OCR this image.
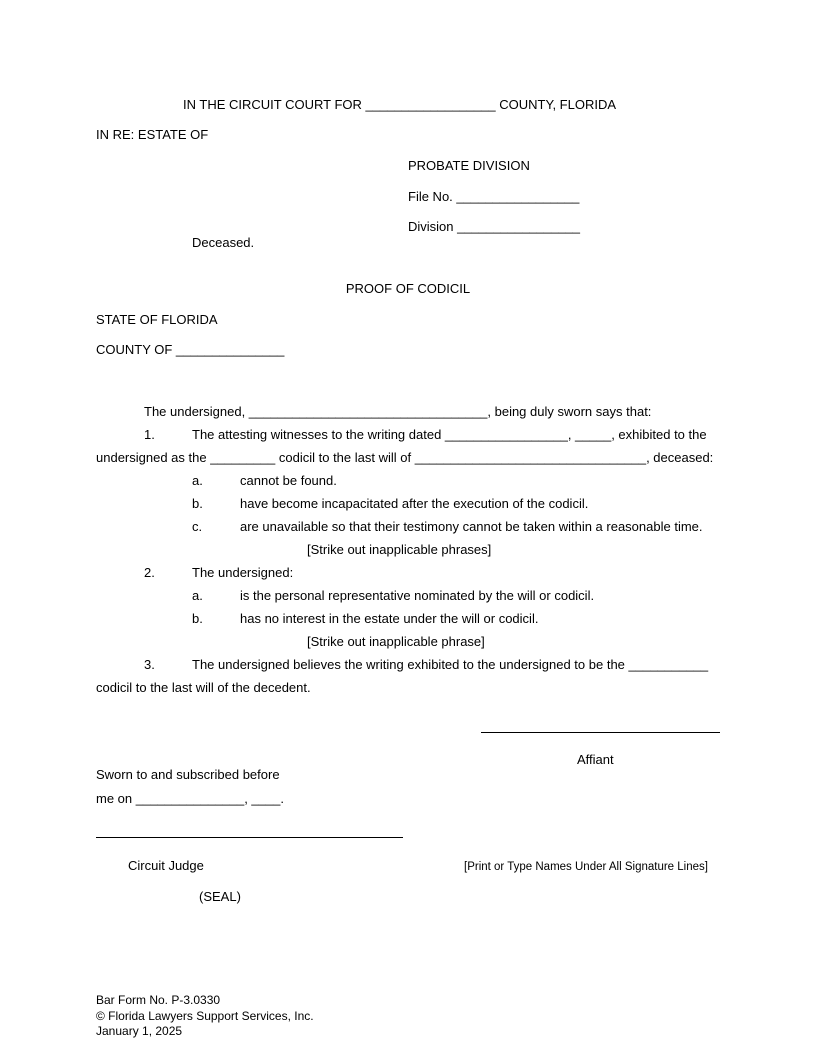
IN THE CIRCUIT COURT FOR __________________ COUNTY, FLORIDA
IN RE: ESTATE OF
PROBATE DIVISION
File No. _________________
Division _________________
Deceased.
PROOF OF CODICIL
STATE OF FLORIDA
COUNTY OF _______________
The undersigned, _________________________________, being duly sworn says that:
1.	The attesting witnesses to the writing dated _________________, _____, exhibited to the
undersigned as the _________ codicil to the last will of ________________________________, deceased:
a.	cannot be found.
b.	have become incapacitated after the execution of the codicil.
c.	are unavailable so that their testimony cannot be taken within a reasonable time.
[Strike out inapplicable phrases]
2.	The undersigned:
a.	is the personal representative nominated by the will or codicil.
b.	has no interest in the estate under the will or codicil.
[Strike out inapplicable phrase]
3.	The undersigned believes the writing exhibited to the undersigned to be the ___________
codicil to the last will of the decedent.
Affiant
Sworn to and subscribed before
me on _______________, ____.
Circuit Judge	[Print or Type Names Under All Signature Lines]
(SEAL)
Bar Form No. P-3.0330
© Florida Lawyers Support Services, Inc.
January 1, 2025
